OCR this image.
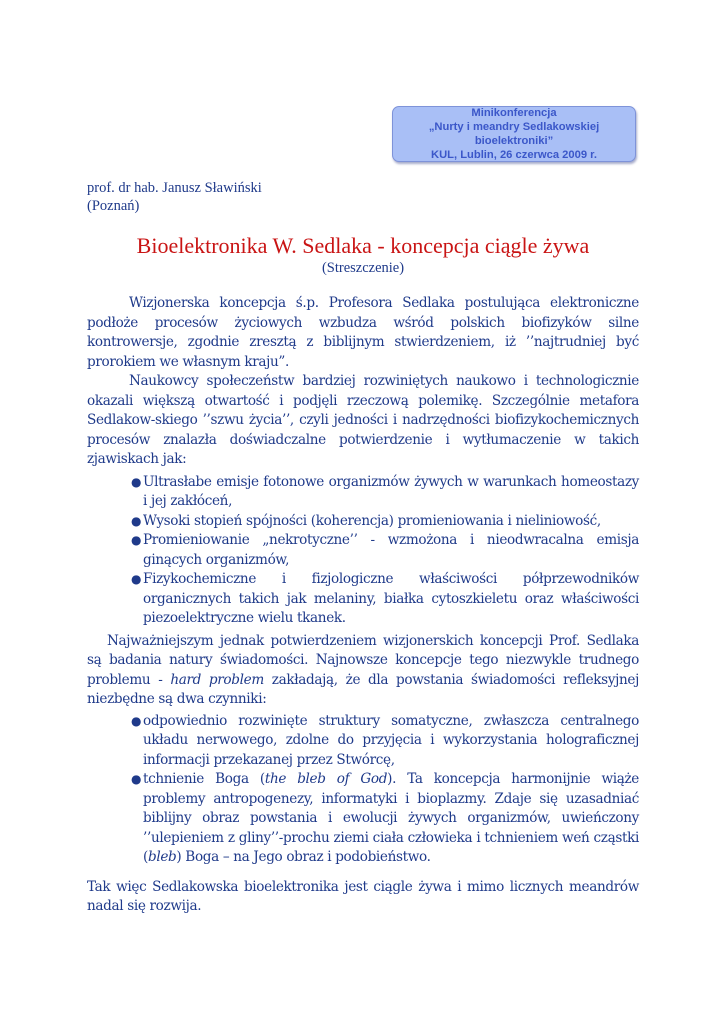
Minikonferencja
„Nurty i meandry Sedlakowskiej bioelektroniki”
KUL, Lublin, 26 czerwca 2009 r.
prof. dr hab. Janusz Sławiński
(Poznań)
Bioelektronika W. Sedlaka - koncepcja ciągle żywa
(Streszczenie)

Wizjonerska koncepcja ś.p. Profesora Sedlaka postulująca elektroniczne podłoże procesów życiowych wzbudza wśród polskich biofizyków silne kontrowersje, zgodnie zresztą z biblijnym stwierdzeniem, iż ’’najtrudniej być prorokiem we własnym kraju”.

Naukowcy społeczeństw bardziej rozwiniętych naukowo i technologicznie okazali większą otwartość i podjęli rzeczową polemikę. Szczególnie metafora Sedlakow-skiego ’’szwu życia’’, czyli jedności i nadrzędności biofizykochemicznych procesów znalazła doświadczalne potwierdzenie i wytłumaczenie w takich zjawiskach jak:

● Ultrasłabe emisje fotonowe organizmów żywych w warunkach homeostazy i jej zakłóceń,
● Wysoki stopień spójności (koherencja) promieniowania i nieliniowość,
● Promieniowanie „nekrotyczne’’ - wzmożona i nieodwracalna emisja ginących organizmów,
● Fizykochemiczne i fizjologiczne właściwości półprzewodników organicznych takich jak melaniny, białka cytoszkieletu oraz właściwości piezoelektryczne wielu tkanek.

Najważniejszym jednak potwierdzeniem wizjonerskich koncepcji Prof. Sedlaka są badania natury świadomości. Najnowsze koncepcje tego niezwykle trudnego problemu - hard problem zakładają, że dla powstania świadomości refleksyjnej niezbędne są dwa czynniki:

● odpowiednio rozwinięte struktury somatyczne, zwłaszcza centralnego układu nerwowego, zdolne do przyjęcia i wykorzystania holograficznej informacji przekazanej przez Stwórcę,
● tchnienie Boga (the bleb of God). Ta koncepcja harmonijnie wiąże problemy antropogenezy, informatyki i bioplazmy. Zdaje się uzasadniać biblijny obraz powstania i ewolucji żywych organizmów, uwieńczony ’’ulepieniem z gliny’’-prochu ziemi ciała człowieka i tchnieniem weń cząstki (bleb) Boga – na Jego obraz i podobieństwo.

Tak więc Sedlakowska bioelektronika jest ciągle żywa i mimo licznych meandrów nadal się rozwija.
